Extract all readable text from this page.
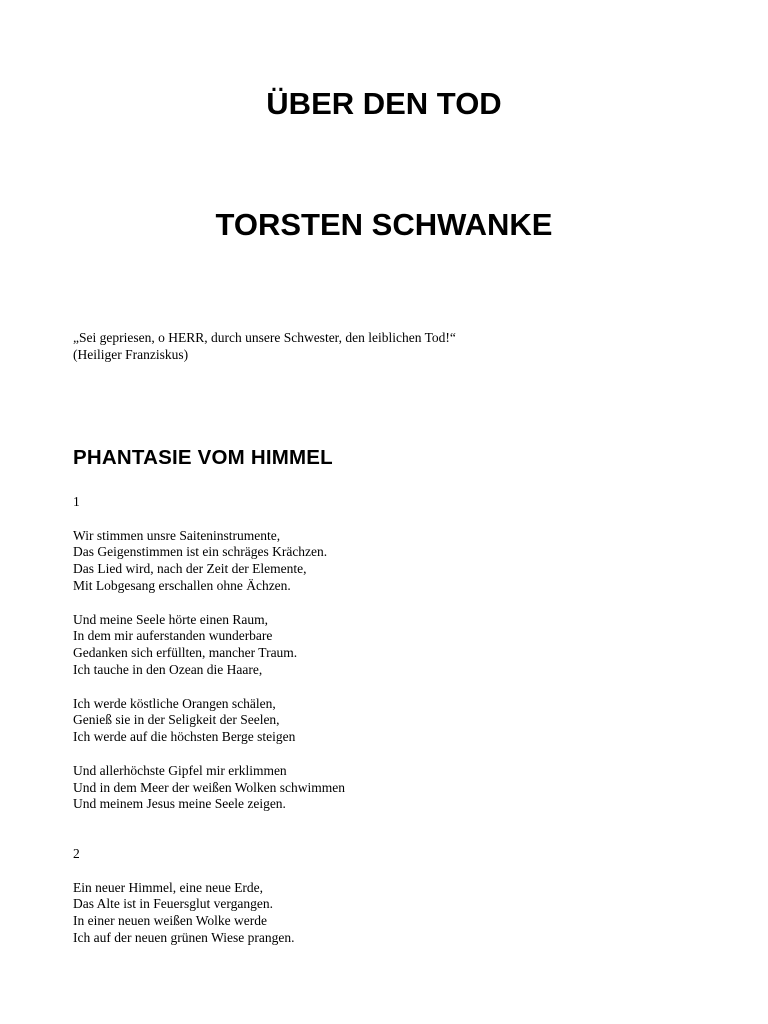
ÜBER DEN TOD
TORSTEN SCHWANKE
„Sei gepriesen, o HERR, durch unsere Schwester, den leiblichen Tod!“
(Heiliger Franziskus)
PHANTASIE VOM HIMMEL
1
Wir stimmen unsre Saiteninstrumente,
Das Geigenstimmen ist ein schräges Krächzen.
Das Lied wird, nach der Zeit der Elemente,
Mit Lobgesang erschallen ohne Ächzen.
Und meine Seele hörte einen Raum,
In dem mir auferstanden wunderbare
Gedanken sich erfüllten, mancher Traum.
Ich tauche in den Ozean die Haare,
Ich werde köstliche Orangen schälen,
Genieß sie in der Seligkeit der Seelen,
Ich werde auf die höchsten Berge steigen
Und allerhöchste Gipfel mir erklimmen
Und in dem Meer der weißen Wolken schwimmen
Und meinem Jesus meine Seele zeigen.
2
Ein neuer Himmel, eine neue Erde,
Das Alte ist in Feuersglut vergangen.
In einer neuen weißen Wolke werde
Ich auf der neuen grünen Wiese prangen.
